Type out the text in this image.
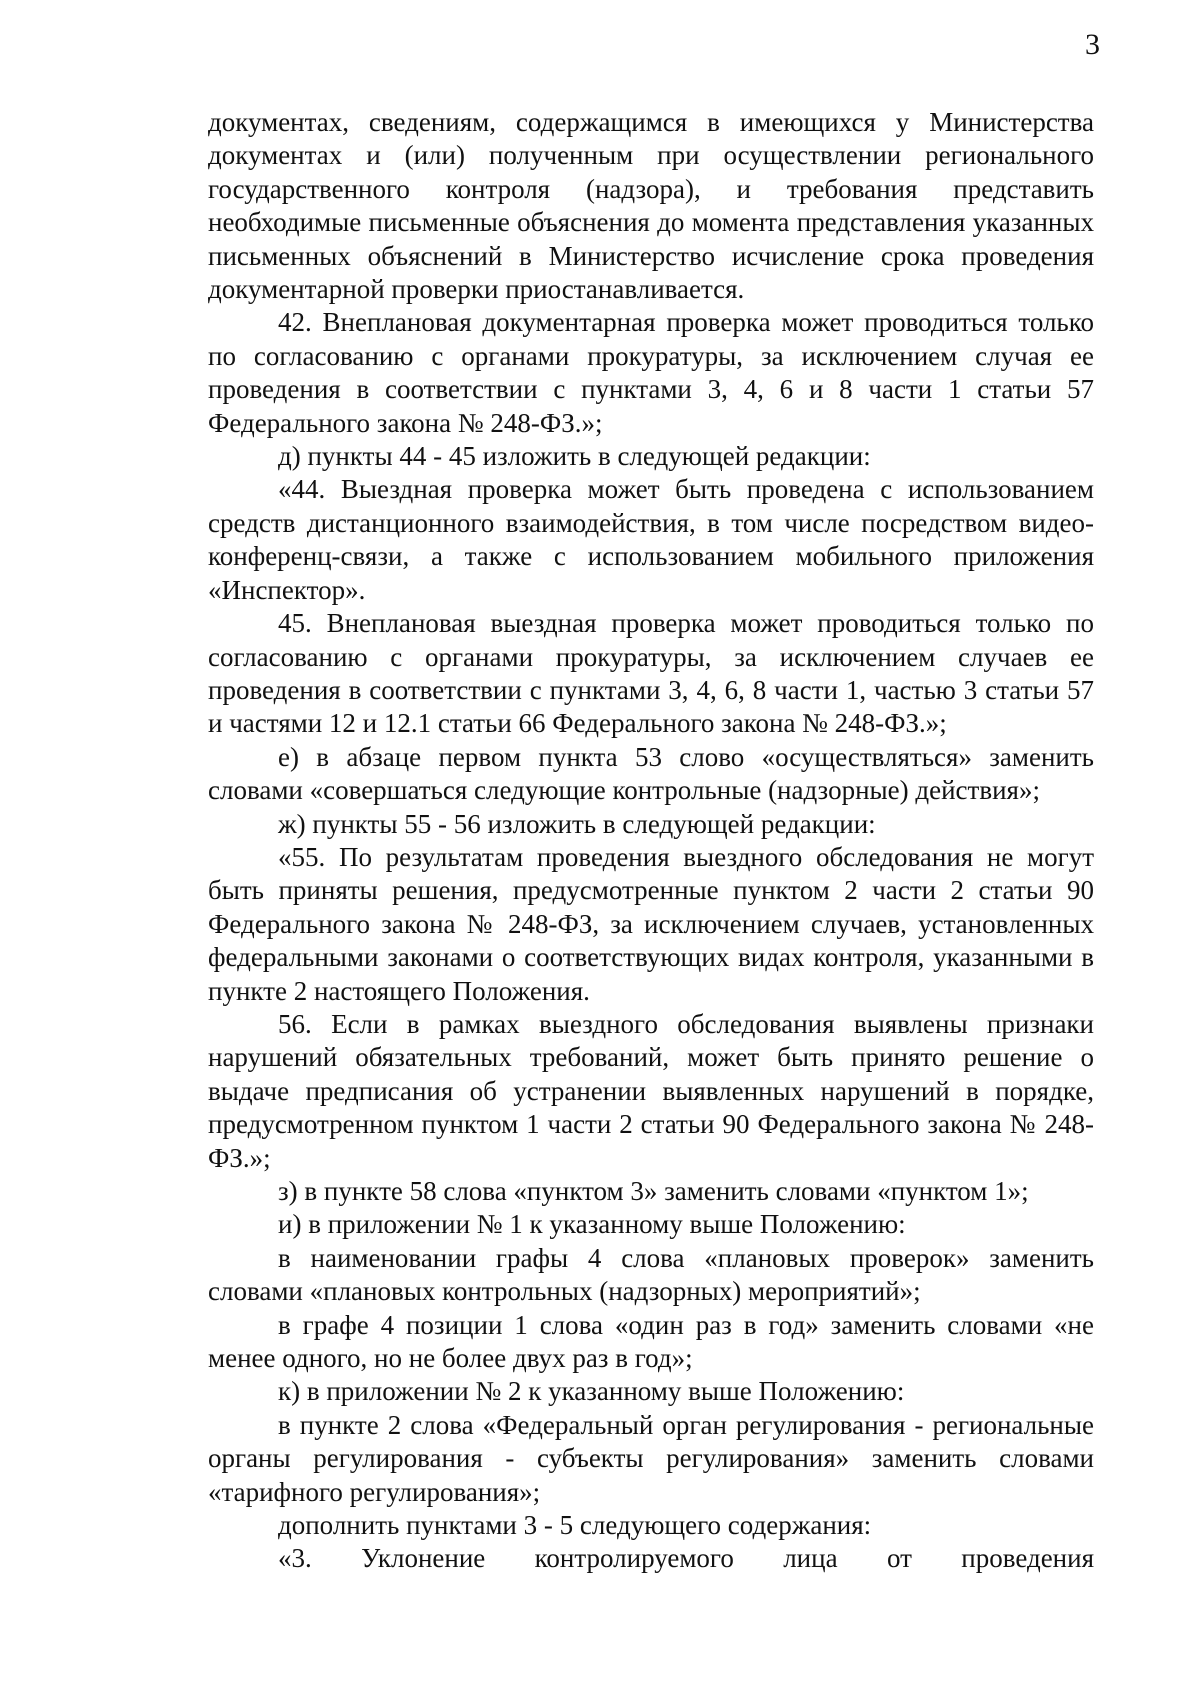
3

документах, сведениям, содержащимся в имеющихся у Министерства документах и (или) полученным при осуществлении регионального государственного контроля (надзора), и требования представить необходимые письменные объяснения до момента представления указанных письменных объяснений в Министерство исчисление срока проведения документарной проверки приостанавливается.

42. Внеплановая документарная проверка может проводиться только по согласованию с органами прокуратуры, за исключением случая ее проведения в соответствии с пунктами 3, 4, 6 и 8 части 1 статьи 57 Федерального закона № 248-ФЗ.»;

д) пункты 44 - 45 изложить в следующей редакции:

«44. Выездная проверка может быть проведена с использованием средств дистанционного взаимодействия, в том числе посредством видео-конференц-связи, а также с использованием мобильного приложения «Инспектор».

45. Внеплановая выездная проверка может проводиться только по согласованию с органами прокуратуры, за исключением случаев ее проведения в соответствии с пунктами 3, 4, 6, 8 части 1, частью 3 статьи 57 и частями 12 и 12.1 статьи 66 Федерального закона № 248-ФЗ.»;

е) в абзаце первом пункта 53 слово «осуществляться» заменить словами «совершаться следующие контрольные (надзорные) действия»;

ж) пункты 55 - 56 изложить в следующей редакции:

«55. По результатам проведения выездного обследования не могут быть приняты решения, предусмотренные пунктом 2 части 2 статьи 90 Федерального закона № 248-ФЗ, за исключением случаев, установленных федеральными законами о соответствующих видах контроля, указанными в пункте 2 настоящего Положения.

56. Если в рамках выездного обследования выявлены признаки нарушений обязательных требований, может быть принято решение о выдаче предписания об устранении выявленных нарушений в порядке, предусмотренном пунктом 1 части 2 статьи 90 Федерального закона № 248-ФЗ.»;

з) в пункте 58 слова «пунктом 3» заменить словами «пунктом 1»;

и) в приложении № 1 к указанному выше Положению:

в наименовании графы 4 слова «плановых проверок» заменить словами «плановых контрольных (надзорных) мероприятий»;

в графе 4 позиции 1 слова «один раз в год» заменить словами «не менее одного, но не более двух раз в год»;

к) в приложении № 2 к указанному выше Положению:

в пункте 2 слова «Федеральный орган регулирования - региональные органы регулирования - субъекты регулирования» заменить словами «тарифного регулирования»;

дополнить пунктами 3 - 5 следующего содержания:

«3. Уклонение контролируемого лица от проведения
